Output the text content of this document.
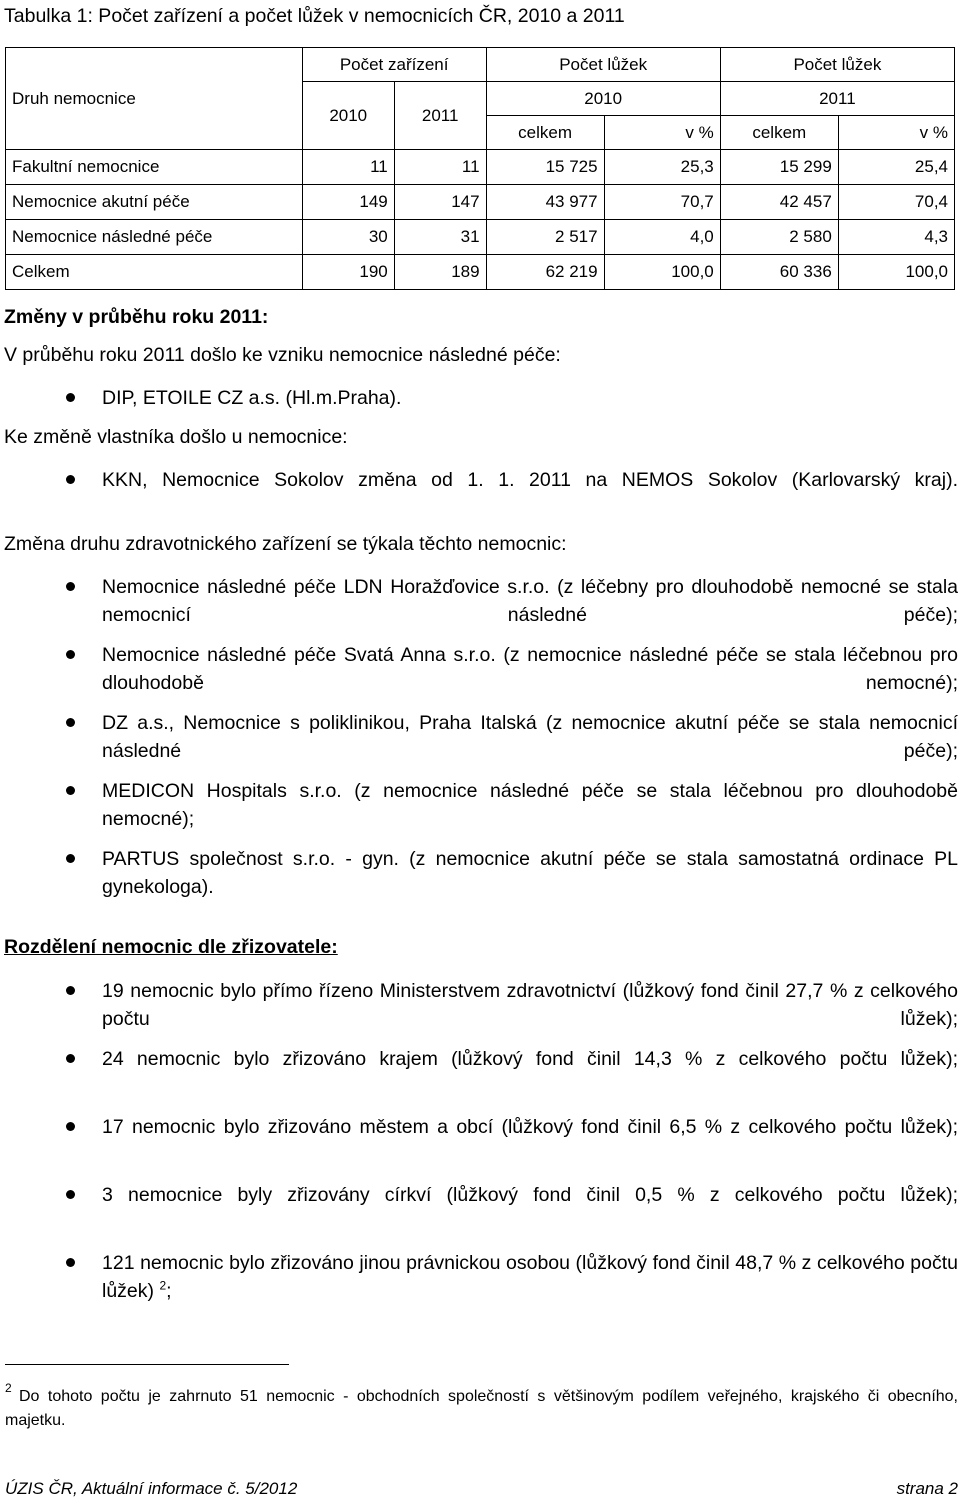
Tabulka 1: Počet zařízení a počet lůžek v nemocnicích ČR, 2010 a 2011
Druh nemocnice	Počet zařízení		Počet lůžek		Počet lůžek	
	2010	2011	2010		2011	
			celkem	v %	celkem	v %
Fakultní nemocnice	11	11	15 725	25,3	15 299	25,4
Nemocnice akutní péče	149	147	43 977	70,7	42 457	70,4
Nemocnice následné péče	30	31	2 517	4,0	2 580	4,3
Celkem	190	189	62 219	100,0	60 336	100,0
Změny v průběhu roku 2011:
V průběhu roku 2011 došlo ke vzniku nemocnice následné péče:
DIP, ETOILE CZ a.s. (Hl.m.Praha).
Ke změně vlastníka došlo u nemocnice:
KKN, Nemocnice Sokolov změna od 1. 1. 2011 na NEMOS Sokolov (Karlovarský kraj).
Změna druhu zdravotnického zařízení se týkala těchto nemocnic:
Nemocnice následné péče LDN Horažďovice s.r.o. (z léčebny pro dlouhodobě nemocné se stala nemocnicí následné péče);
Nemocnice následné péče Svatá Anna s.r.o. (z nemocnice následné péče se stala léčebnou pro dlouhodobě nemocné);
DZ a.s., Nemocnice s poliklinikou, Praha Italská (z nemocnice akutní péče se stala nemocnicí následné péče);
MEDICON Hospitals s.r.o. (z nemocnice následné péče se stala léčebnou pro dlouhodobě nemocné);
PARTUS společnost s.r.o. - gyn. (z nemocnice akutní péče se stala samostatná ordinace PL gynekologa).
Rozdělení nemocnic dle zřizovatele:
19 nemocnic bylo přímo řízeno Ministerstvem zdravotnictví (lůžkový fond činil 27,7 % z celkového počtu lůžek);
24 nemocnic bylo zřizováno krajem (lůžkový fond činil 14,3 % z celkového počtu lůžek);
17 nemocnic bylo zřizováno městem a obcí (lůžkový fond činil 6,5 % z celkového počtu lůžek);
3 nemocnice byly zřizovány církví (lůžkový fond činil 0,5 % z celkového počtu lůžek);
121 nemocnic bylo zřizováno jinou právnickou osobou (lůžkový fond činil 48,7 % z celkového počtu lůžek) $^2$;
2 Do tohoto počtu je zahrnuto 51 nemocnic - obchodních společností s většinovým podílem veřejného, krajského či obecního, majetku.
ÚZIS ČR, Aktuální informace č. 5/2012	strana 2
